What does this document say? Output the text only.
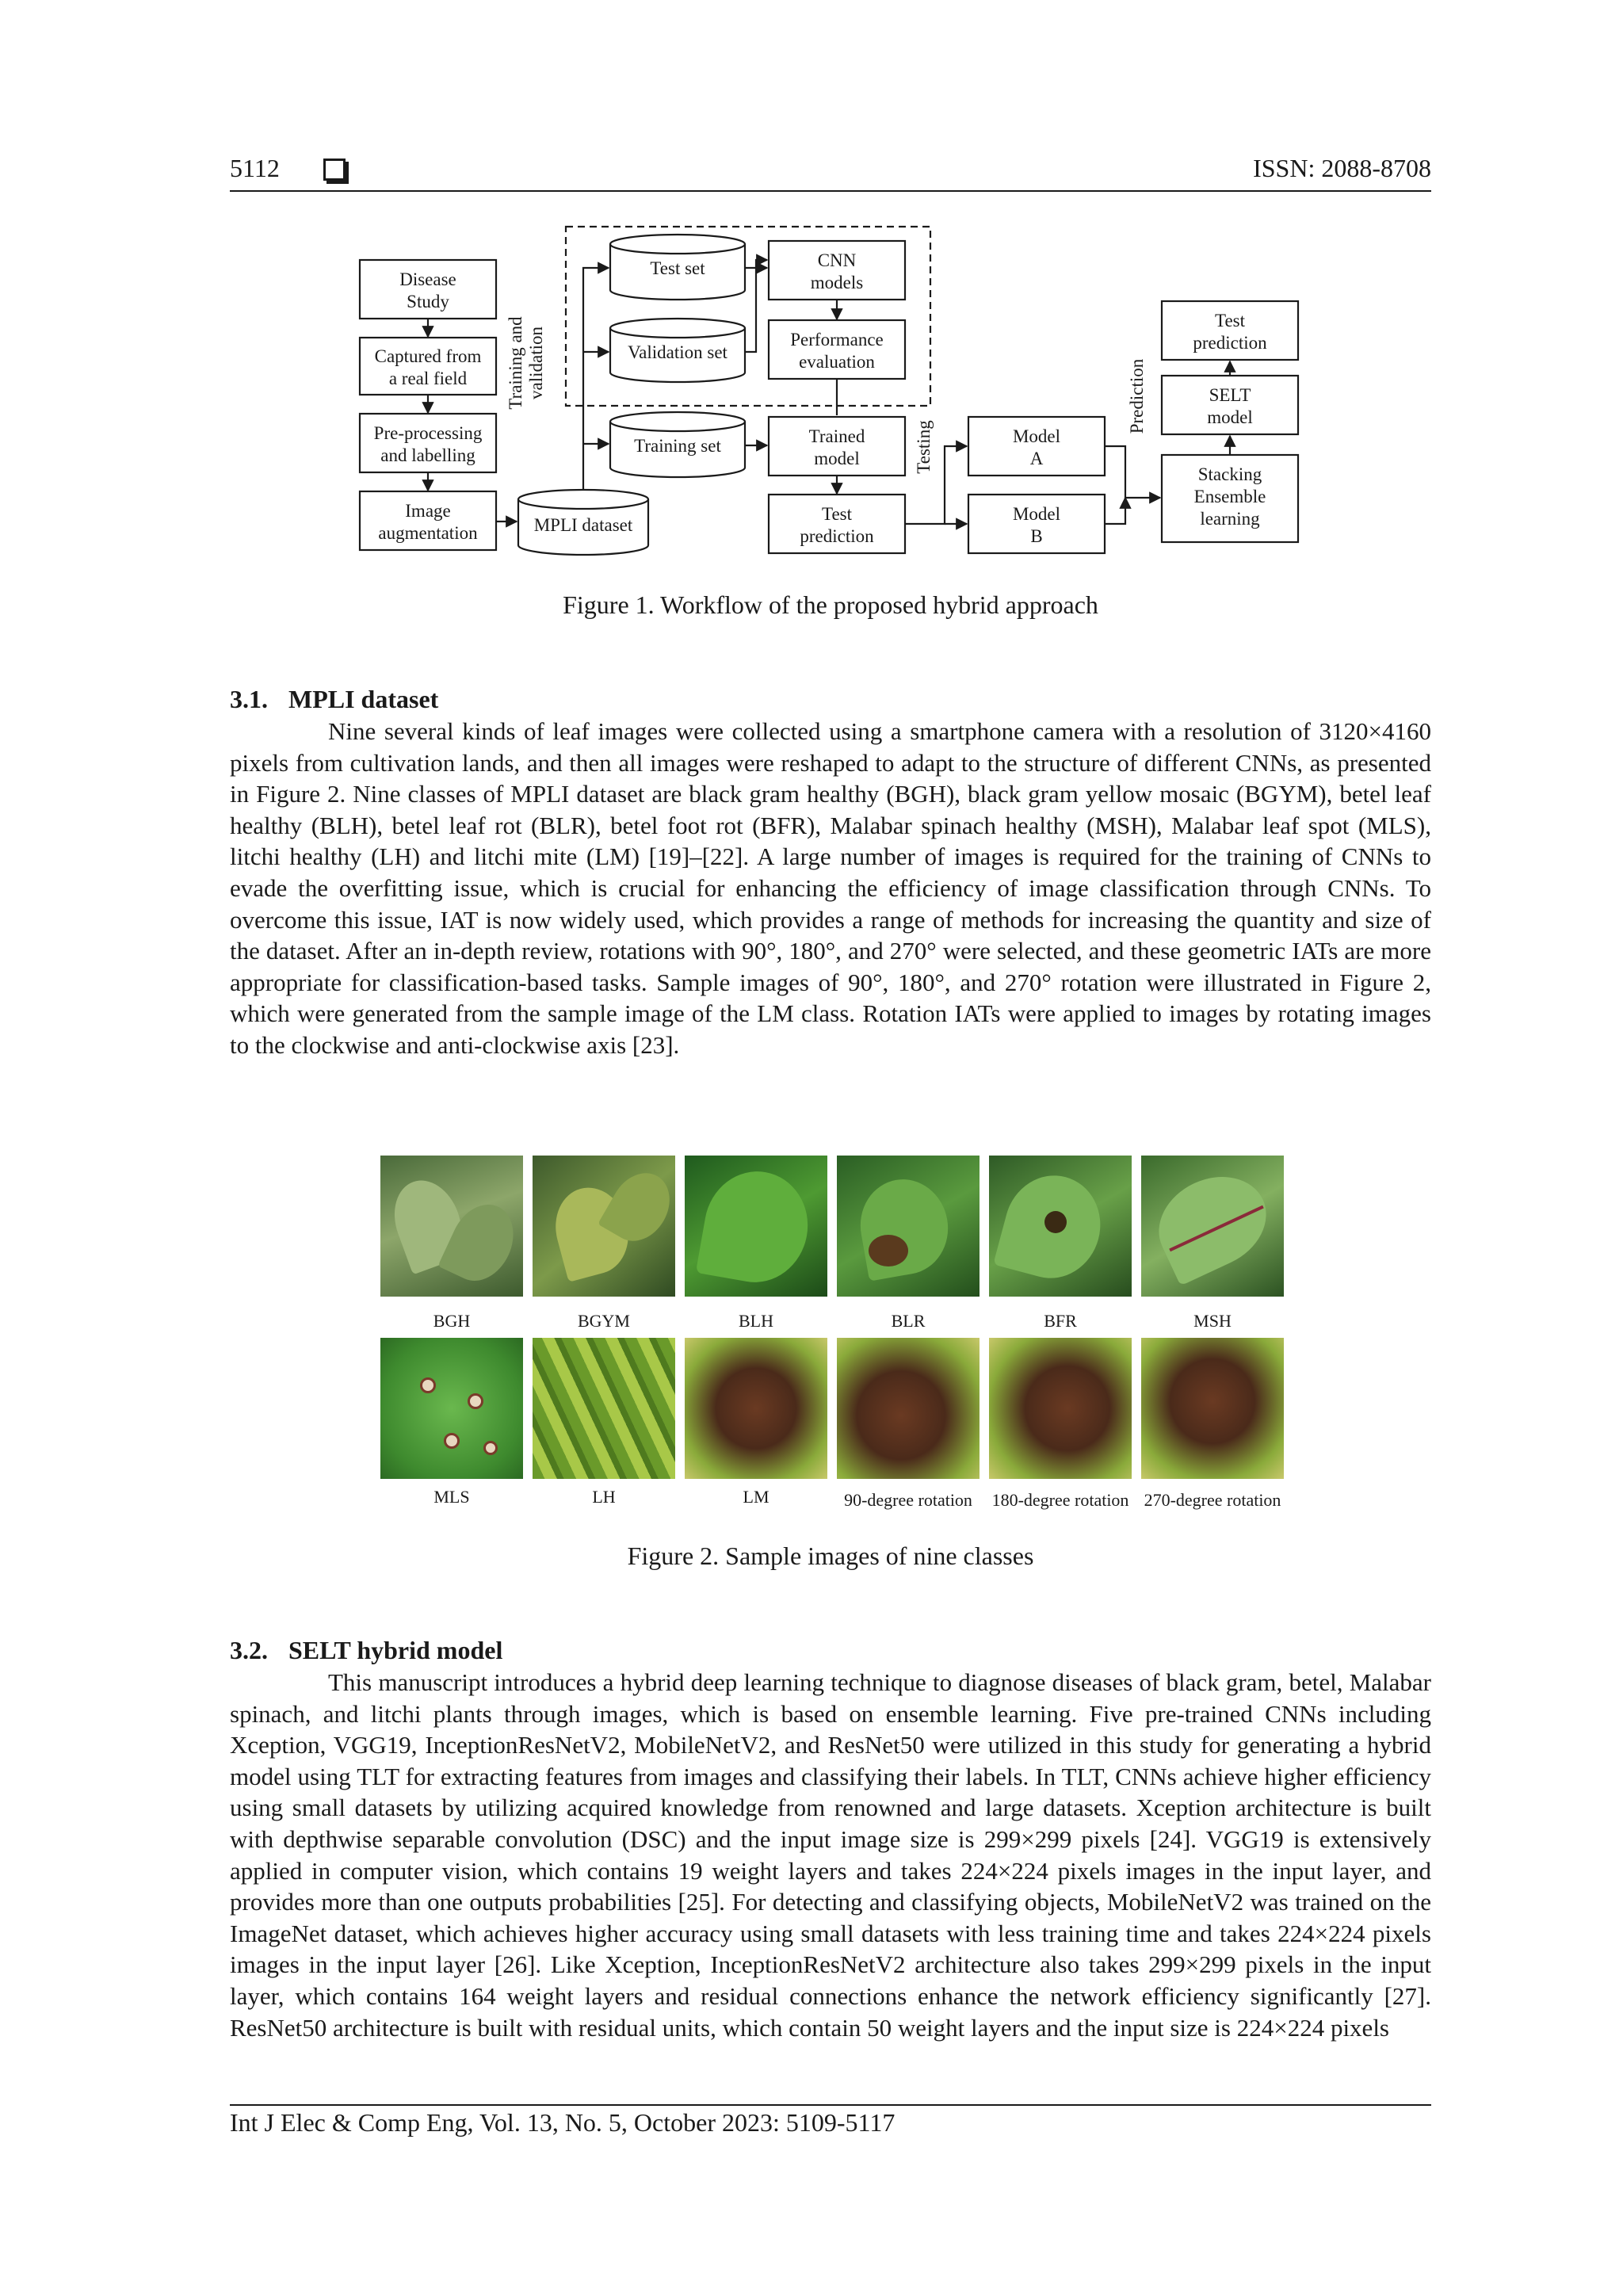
5112	ISSN: 2088-8708
Disease Study
Captured from a real field
Pre-processing and labelling
Image augmentation	MPLI dataset
Training andvalidation
Test set
Validation set
Training set
CNN models
Performance evaluation
Trained model
Test prediction
Testing	Model A
Model B
Prediction
Test prediction
SELT model
Stacking Ensemble learning
Figure 1. Workflow of the proposed hybrid approach
3.1. MPLI dataset

Nine several kinds of leaf images were collected using a smartphone camera with a resolution of 3120×4160 pixels from cultivation lands, and then all images were reshaped to adapt to the structure of different CNNs, as presented in Figure 2. Nine classes of MPLI dataset are black gram healthy (BGH), black gram yellow mosaic (BGYM), betel leaf healthy (BLH), betel leaf rot (BLR), betel foot rot (BFR), Malabar spinach healthy (MSH), Malabar leaf spot (MLS), litchi healthy (LH) and litchi mite (LM) [19]–[22]. A large number of images is required for the training of CNNs to evade the overfitting issue, which is crucial for enhancing the efficiency of image classification through CNNs. To overcome this issue, IAT is now widely used, which provides a range of methods for increasing the quantity and size of the dataset. After an in-depth review, rotations with 90°, 180°, and 270° were selected, and these geometric IATs are more appropriate for classification-based tasks. Sample images of 90°, 180°, and 270° rotation were illustrated in Figure 2, which were generated from the sample image of the LM class. Rotation IATs were applied to images by rotating images to the clockwise and anti-clockwise axis [23].

BGH	BGYM	BLH	BLR	BFR	MSH
MLS	LH	LM	90-degree rotation	180-degree rotation 270-degree rotation
Figure 2. Sample images of nine classes
3.2. SELT hybrid model

This manuscript introduces a hybrid deep learning technique to diagnose diseases of black gram, betel, Malabar spinach, and litchi plants through images, which is based on ensemble learning. Five pre-trained CNNs including Xception, VGG19, InceptionResNetV2, MobileNetV2, and ResNet50 were utilized in this study for generating a hybrid model using TLT for extracting features from images and classifying their labels. In TLT, CNNs achieve higher efficiency using small datasets by utilizing acquired knowledge from renowned and large datasets. Xception architecture is built with depthwise separable convolution (DSC) and the input image size is 299×299 pixels [24]. VGG19 is extensively applied in computer vision, which contains 19 weight layers and takes 224×224 pixels images in the input layer, and provides more than one outputs probabilities [25]. For detecting and classifying objects, MobileNetV2 was trained on the ImageNet dataset, which achieves higher accuracy using small datasets with less training time and takes 224×224 pixels images in the input layer [26]. Like Xception, InceptionResNetV2 architecture also takes 299×299 pixels in the input layer, which contains 164 weight layers and residual connections enhance the network efficiency significantly [27]. ResNet50 architecture is built with residual units, which contain 50 weight layers and the input size is 224×224 pixels

Int J Elec & Comp Eng, Vol. 13, No. 5, October 2023: 5109-5117
